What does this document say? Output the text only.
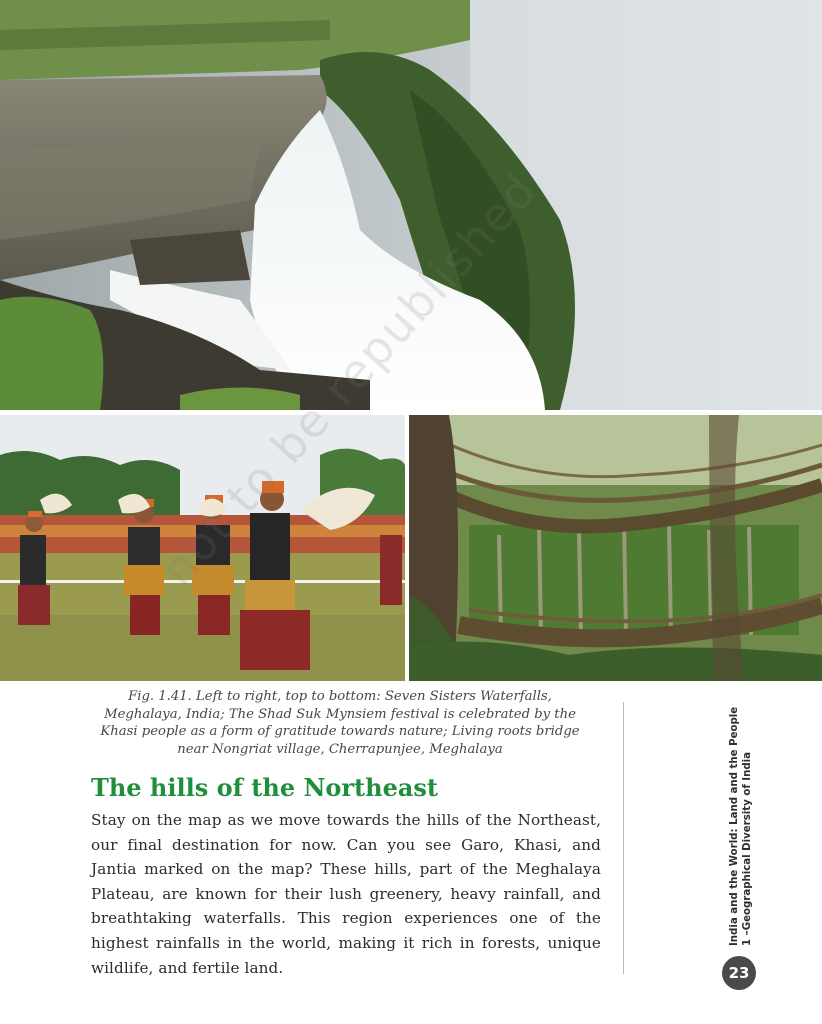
Fig. 1.41. Left to right, top to bottom: Seven Sisters Waterfalls, Meghalaya, India; The Shad Suk Mynsiem festival is celebrated by the Khasi people as a form of gratitude towards nature; Living roots bridge near Nongriat village, Cherrapunjee, Meghalaya
The hills of the Northeast

Stay on the map as we move towards the hills of the Northeast, our final destination for now. Can you see Garo, Khasi, and Jantia marked on the map? These hills, part of the Meghalaya Plateau, are known for their lush greenery, heavy rainfall, and breathtaking waterfalls. This region experiences one of the highest rainfalls in the world, making it rich in forests, unique wildlife, and fertile land.

India and the World: Land and the People 1 –Geographical Diversity of India
23
